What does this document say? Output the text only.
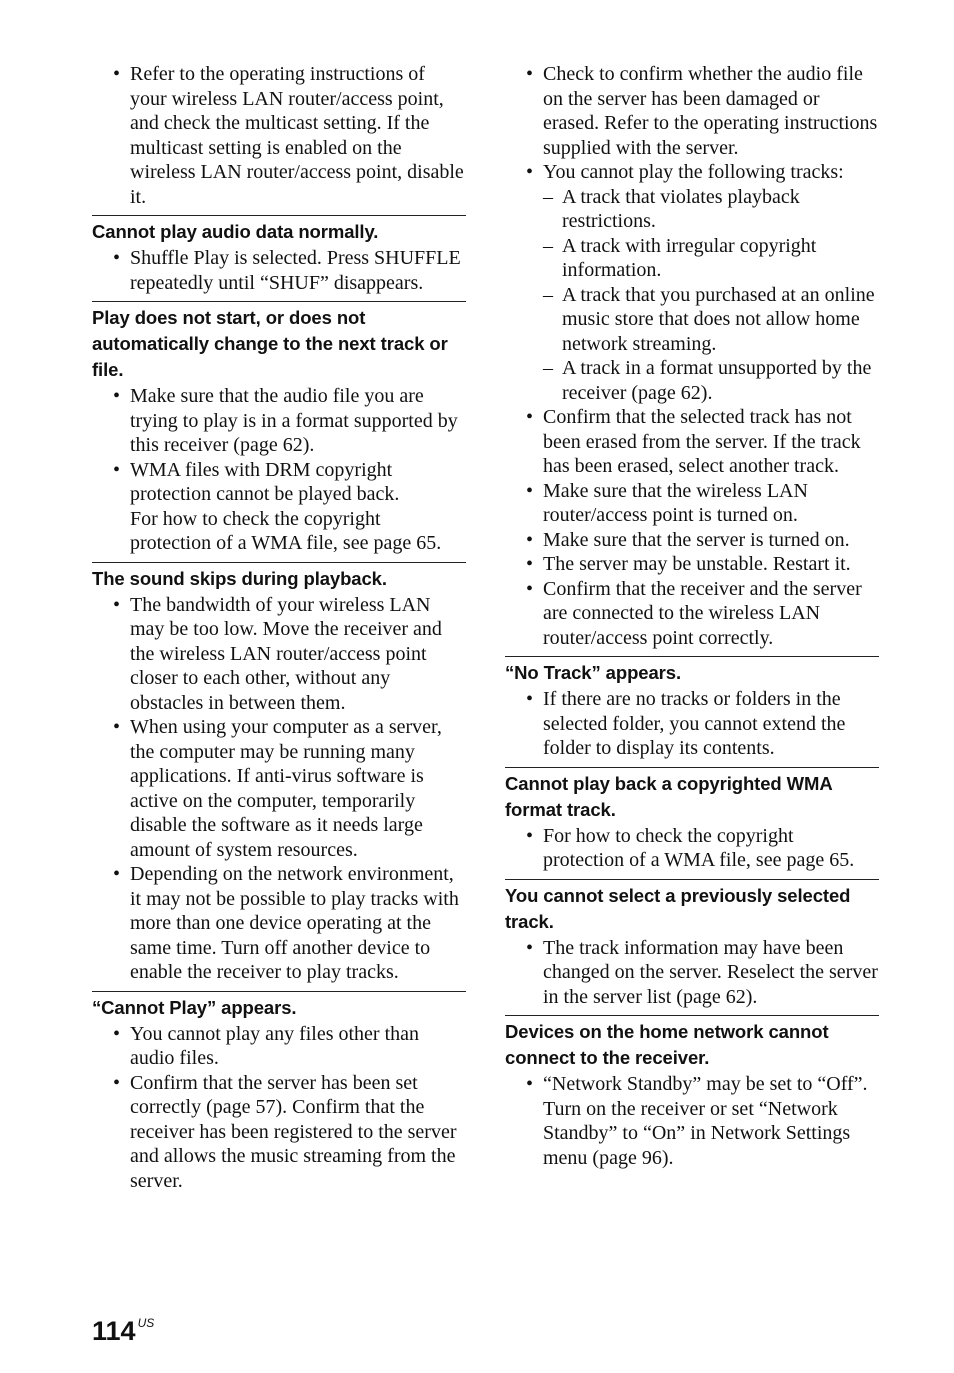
• Refer to the operating instructions of your wireless LAN router/access point, and check the multicast setting. If the multicast setting is enabled on the wireless LAN router/access point, disable it.
Cannot play audio data normally.
• Shuffle Play is selected. Press SHUFFLE repeatedly until “SHUF” disappears.
Play does not start, or does not automatically change to the next track or file.
• Make sure that the audio file you are trying to play is in a format supported by this receiver (page 62).
• WMA files with DRM copyright protection cannot be played back.
For how to check the copyright protection of a WMA file, see page 65.
The sound skips during playback.
• The bandwidth of your wireless LAN may be too low. Move the receiver and the wireless LAN router/access point closer to each other, without any obstacles in between them.
• When using your computer as a server, the computer may be running many applications. If anti-virus software is active on the computer, temporarily disable the software as it needs large amount of system resources.
• Depending on the network environment, it may not be possible to play tracks with more than one device operating at the same time. Turn off another device to enable the receiver to play tracks.
“Cannot Play” appears.
• You cannot play any files other than audio files.
• Confirm that the server has been set correctly (page 57). Confirm that the receiver has been registered to the server and allows the music streaming from the server.
• Check to confirm whether the audio file on the server has been damaged or erased. Refer to the operating instructions supplied with the server.
• You cannot play the following tracks:
– A track that violates playback restrictions.
– A track with irregular copyright information.
– A track that you purchased at an online music store that does not allow home network streaming.
– A track in a format unsupported by the receiver (page 62).
• Confirm that the selected track has not been erased from the server. If the track has been erased, select another track.
• Make sure that the wireless LAN router/access point is turned on.
• Make sure that the server is turned on.
• The server may be unstable. Restart it.
• Confirm that the receiver and the server are connected to the wireless LAN router/access point correctly.
“No Track” appears.
• If there are no tracks or folders in the selected folder, you cannot extend the folder to display its contents.
Cannot play back a copyrighted WMA format track.
• For how to check the copyright protection of a WMA file, see page 65.
You cannot select a previously selected track.
• The track information may have been changed on the server. Reselect the server in the server list (page 62).
Devices on the home network cannot connect to the receiver.
• “Network Standby” may be set to “Off”. Turn on the receiver or set “Network Standby” to “On” in Network Settings menu (page 96).
114 $^{US}$
